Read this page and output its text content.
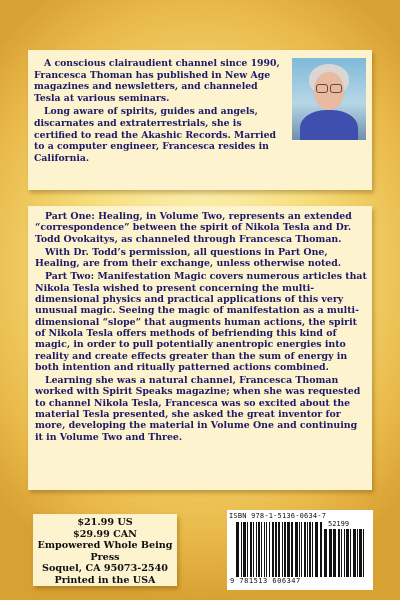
A conscious clairaudient channel since 1990, Francesca Thoman has published in New Age magazines and newsletters, and channeled Tesla at various seminars.

Long aware of spirits, guides and angels, discarnates and extraterrestrials, she is certified to read the Akashic Records. Married to a computer engineer, Francesca resides in California.

Part One: Healing, in Volume Two, represents an extended “correspondence” between the spirit of Nikola Tesla and Dr. Todd Ovokaitys, as channeled through Francesca Thoman.

With Dr. Todd’s permission, all questions in Part One, Healing, are from their exchange, unless otherwise noted.

Part Two: Manifestation Magic covers numerous articles that Nikola Tesla wished to present concerning the multi-dimensional physics and practical applications of this very unusual magic. Seeing the magic of manifestation as a multi-dimensional “slope” that augments human actions, the spirit of Nikola Tesla offers methods of befriending this kind of magic, in order to pull potentially anentropic energies into reality and create effects greater than the sum of energy in both intention and ritually patterned actions combined.

Learning she was a natural channel, Francesca Thoman worked with Spirit Speaks magazine; when she was requested to channel Nikola Tesla, Francesca was so excited about the material Tesla presented, she asked the great inventor for more, developing the material in Volume One and continuing it in Volume Two and Three.

$21.99 US
$29.99 CAN
Empowered Whole Being Press
Soquel, CA 95073-2540
Printed in the USA
ISBN 978-1-5136-0634-7
52199
9 781513 606347
